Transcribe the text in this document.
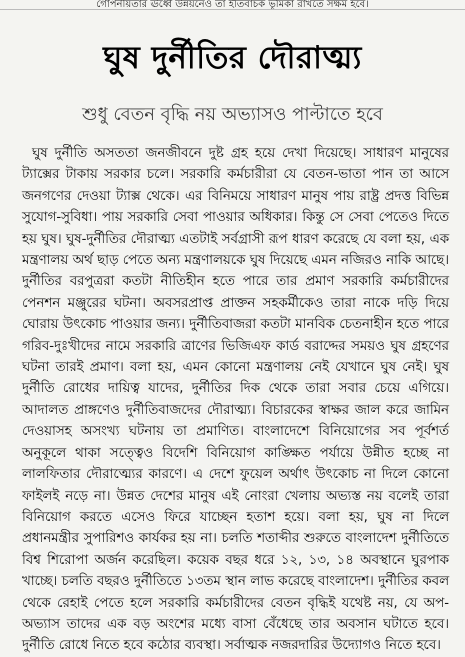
গোপনীয়তার ঊর্ধ্বে উন্নয়নেও তা ইতিবাচক ভূমিকা রাখতে সক্ষম হবে।
ঘুষ দুর্নীতির দৌরাত্ম্য
শুধু বেতন বৃদ্ধি নয় অভ্যাসও পাল্টাতে হবে

ঘুষ দুর্নীতি অসততা জনজীবনে দুষ্ট গ্রহ হয়ে দেখা দিয়েছে। সাধারণ মানুষের ট্যাক্সের টাকায় সরকার চলে। সরকারি কর্মচারীরা যে বেতন-ভাতা পান তা আসে জনগণের দেওয়া ট্যাক্স থেকে। এর বিনিময়ে সাধারণ মানুষ পায় রাষ্ট্র প্রদত্ত বিভিন্ন সুযোগ-সুবিধা। পায় সরকারি সেবা পাওয়ার অধিকার। কিন্তু সে সেবা পেতেও দিতে হয় ঘুষ। ঘুষ-দুর্নীতির দৌরাত্ম্য এতটাই সর্বগ্রাসী রূপ ধারণ করেছে যে বলা হয়, এক মন্ত্রণালয় অর্থ ছাড় পেতে অন্য মন্ত্রণালয়কে ঘুষ দিয়েছে এমন নজিরও নাকি আছে। দুর্নীতির বরপুত্ররা কতটা নীতিহীন হতে পারে তার প্রমাণ সরকারি কর্মচারীদের পেনশন মঞ্জুরের ঘটনা। অবসরপ্রাপ্ত প্রাক্তন সহকর্মীকেও তারা নাকে দড়ি দিয়ে ঘোরায় উৎকোচ পাওয়ার জন্য। দুর্নীতিবাজরা কতটা মানবিক চেতনাহীন হতে পারে গরিব-দুঃখীদের নামে সরকারি ত্রাণের ভিজিএফ কার্ড বরাদ্দের সময়ও ঘুষ গ্রহণের ঘটনা তারই প্রমাণ। বলা হয়, এমন কোনো মন্ত্রণালয় নেই যেখানে ঘুষ নেই। ঘুষ দুর্নীতি রোধের দায়িত্ব যাদের, দুর্নীতির দিক থেকে তারা সবার চেয়ে এগিয়ে। আদালত প্রাঙ্গণেও দুর্নীতিবাজদের দৌরাত্ম্য। বিচারকের স্বাক্ষর জাল করে জামিন দেওয়াসহ অসংখ্য ঘটনায় তা প্রমাণিত। বাংলাদেশে বিনিয়োগের সব পূর্বশর্ত অনুকূলে থাকা সত্ত্বেও বিদেশি বিনিয়োগ কাঙ্ক্ষিত পর্যায়ে উন্নীত হচ্ছে না লালফিতার দৌরাত্ম্যের কারণে। এ দেশে ফুয়েল অর্থাৎ উৎকোচ না দিলে কোনো ফাইলই নড়ে না। উন্নত দেশের মানুষ এই নোংরা খেলায় অভ্যস্ত নয় বলেই তারা বিনিয়োগ করতে এসেও ফিরে যাচ্ছেন হতাশ হয়ে। বলা হয়, ঘুষ না দিলে প্রধানমন্ত্রীর সুপারিশও কার্যকর হয় না। চলতি শতাব্দীর শুরুতে বাংলাদেশ দুর্নীতিতে বিশ্ব শিরোপা অর্জন করেছিল। কয়েক বছর ধরে ১২, ১৩, ১৪ অবস্থানে ঘুরপাক খাচ্ছে। চলতি বছরও দুর্নীতিতে ১৩তম স্থান লাভ করেছে বাংলাদেশ। দুর্নীতির কবল থেকে রেহাই পেতে হলে সরকারি কর্মচারীদের বেতন বৃদ্ধিই যথেষ্ট নয়, যে অপ-অভ্যাস তাদের এক বড় অংশের মধ্যে বাসা বেঁধেছে তার অবসান ঘটাতে হবে। দুর্নীতি রোধে নিতে হবে কঠোর ব্যবস্থা। সর্বাত্মক নজরদারির উদ্যোগও নিতে হবে।
